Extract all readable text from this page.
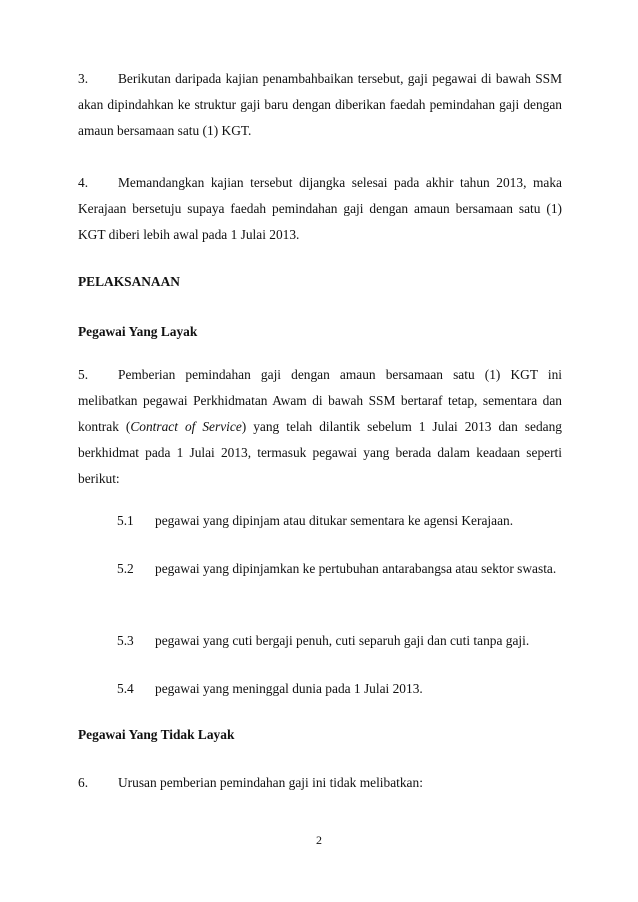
3. Berikutan daripada kajian penambahbaikan tersebut, gaji pegawai di bawah SSM akan dipindahkan ke struktur gaji baru dengan diberikan faedah pemindahan gaji dengan amaun bersamaan satu (1) KGT.
4. Memandangkan kajian tersebut dijangka selesai pada akhir tahun 2013, maka Kerajaan bersetuju supaya faedah pemindahan gaji dengan amaun bersamaan satu (1) KGT diberi lebih awal pada 1 Julai 2013.
PELAKSANAAN
Pegawai Yang Layak
5. Pemberian pemindahan gaji dengan amaun bersamaan satu (1) KGT ini melibatkan pegawai Perkhidmatan Awam di bawah SSM bertaraf tetap, sementara dan kontrak (Contract of Service) yang telah dilantik sebelum 1 Julai 2013 dan sedang berkhidmat pada 1 Julai 2013, termasuk pegawai yang berada dalam keadaan seperti berikut:
5.1 pegawai yang dipinjam atau ditukar sementara ke agensi Kerajaan.
5.2 pegawai yang dipinjamkan ke pertubuhan antarabangsa atau sektor swasta.
5.3 pegawai yang cuti bergaji penuh, cuti separuh gaji dan cuti tanpa gaji.
5.4 pegawai yang meninggal dunia pada 1 Julai 2013.
Pegawai Yang Tidak Layak
6. Urusan pemberian pemindahan gaji ini tidak melibatkan:
2
